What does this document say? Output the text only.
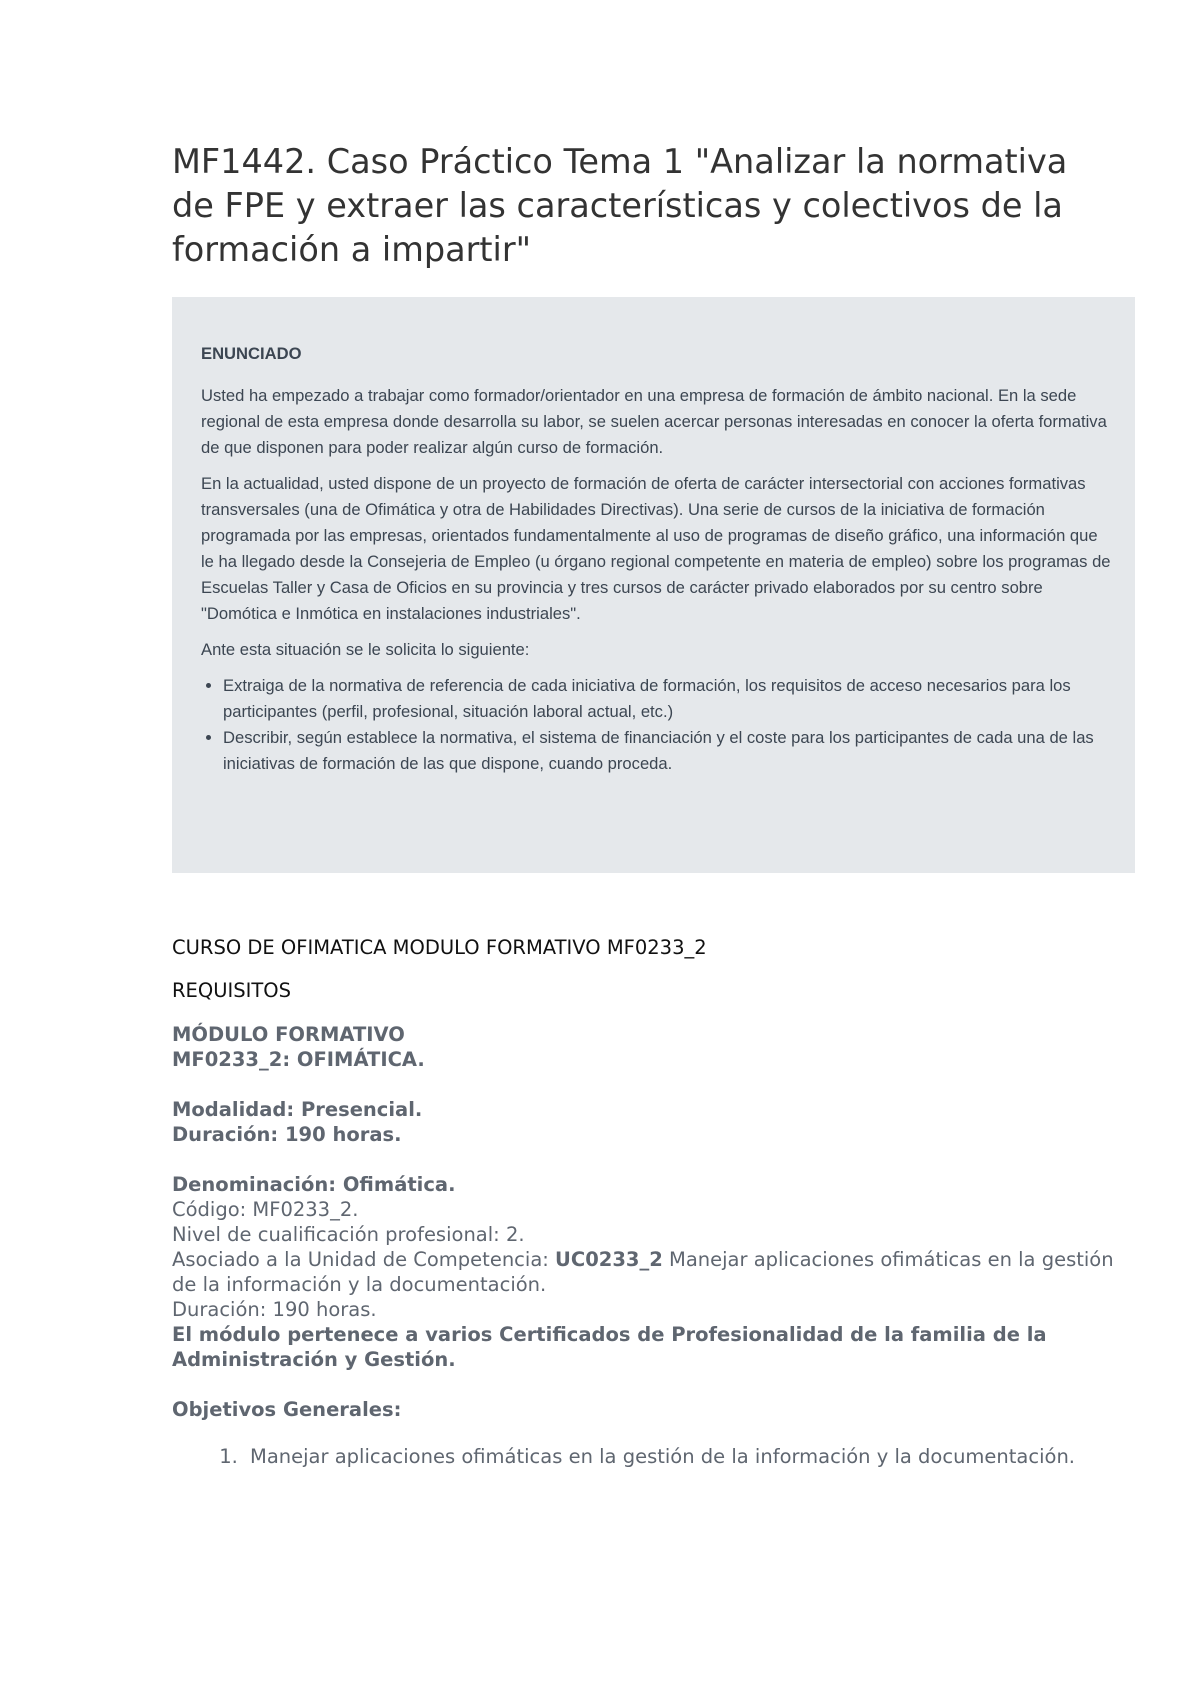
MF1442. Caso Práctico Tema 1 "Analizar la normativa de FPE y extraer las características y colectivos de la formación a impartir"

ENUNCIADO

Usted ha empezado a trabajar como formador/orientador en una empresa de formación de ámbito nacional. En la sede regional de esta empresa donde desarrolla su labor, se suelen acercar personas interesadas en conocer la oferta formativa de que disponen para poder realizar algún curso de formación.

En la actualidad, usted dispone de un proyecto de formación de oferta de carácter intersectorial con acciones formativas transversales (una de Ofimática y otra de Habilidades Directivas). Una serie de cursos de la iniciativa de formación programada por las empresas, orientados fundamentalmente al uso de programas de diseño gráfico, una información que le ha llegado desde la Consejeria de Empleo (u órgano regional competente en materia de empleo) sobre los programas de Escuelas Taller y Casa de Oficios en su provincia y tres cursos de carácter privado elaborados por su centro sobre "Domótica e Inmótica en instalaciones industriales".

Ante esta situación se le solicita lo siguiente:

• Extraiga de la normativa de referencia de cada iniciativa de formación, los requisitos de acceso necesarios para los participantes (perfil, profesional, situación laboral actual, etc.)
• Describir, según establece la normativa, el sistema de financiación y el coste para los participantes de cada una de las iniciativas de formación de las que dispone, cuando proceda.

CURSO DE OFIMATICA MODULO FORMATIVO MF0233_2

REQUISITOS

MÓDULO FORMATIVO

MF0233_2: OFIMÁTICA.

Modalidad: Presencial.

Duración: 190 horas.

Denominación: Ofimática.

Código: MF0233_2.

Nivel de cualificación profesional: 2.

Asociado a la Unidad de Competencia: UC0233_2 Manejar aplicaciones ofimáticas en la gestión de la información y la documentación.

Duración: 190 horas.

El módulo pertenece a varios Certificados de Profesionalidad de la familia de la Administración y Gestión.

Objetivos Generales:

1. Manejar aplicaciones ofimáticas en la gestión de la información y la documentación.
